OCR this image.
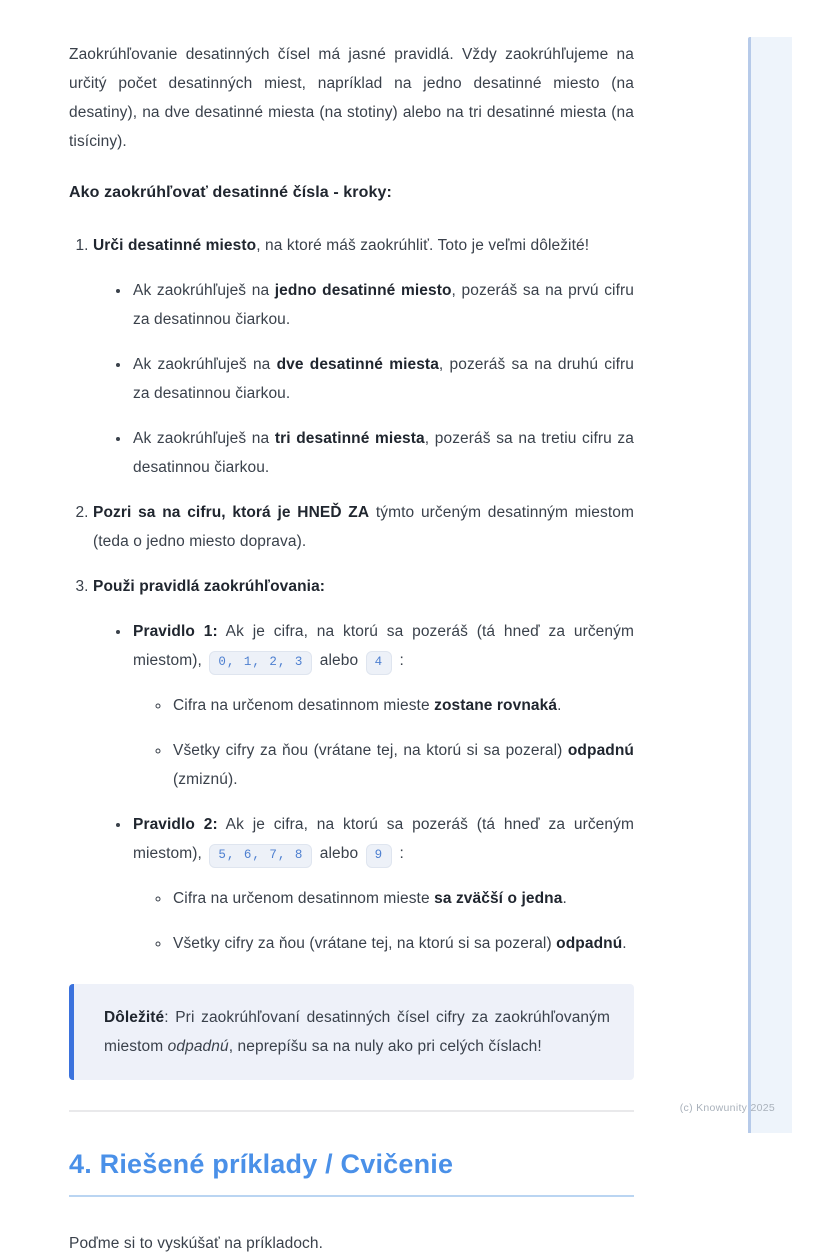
Zaokrúhľovanie desatinných čísel má jasné pravidlá. Vždy zaokrúhľujeme na určitý počet desatinných miest, napríklad na jedno desatinné miesto (na desatiny), na dve desatinné miesta (na stotiny) alebo na tri desatinné miesta (na tisíciny).

Ako zaokrúhľovať desatinné čísla - kroky:

1. Urči desatinné miesto, na ktoré máš zaokrúhliť. Toto je veľmi dôležité!

• Ak zaokrúhľuješ na jedno desatinné miesto, pozeráš sa na prvú cifru za desatinnou čiarkou.

• Ak zaokrúhľuješ na dve desatinné miesta, pozeráš sa na druhú cifru za desatinnou čiarkou.

• Ak zaokrúhľuješ na tri desatinné miesta, pozeráš sa na tretiu cifru za desatinnou čiarkou.

2. Pozri sa na cifru, ktorá je HNEĎ ZA týmto určeným desatinným miestom (teda o jedno miesto doprava).

3. Použi pravidlá zaokrúhľovania:

• Pravidlo 1: Ak je cifra, na ktorú sa pozeráš (tá hneď za určeným miestom), 0, 1, 2, 3 alebo 4 :

◦ Cifra na určenom desatinnom mieste zostane rovnaká.

◦ Všetky cifry za ňou (vrátane tej, na ktorú si sa pozeral) odpadnú (zmiznú).

• Pravidlo 2: Ak je cifra, na ktorú sa pozeráš (tá hneď za určeným miestom), 5, 6, 7, 8 alebo 9 :

◦ Cifra na určenom desatinnom mieste sa zväčší o jedna.

◦ Všetky cifry za ňou (vrátane tej, na ktorú si sa pozeral) odpadnú.

Dôležité: Pri zaokrúhľovaní desatinných čísel cifry za zaokrúhľovaným miestom odpadnú, neprepíšu sa na nuly ako pri celých číslach!
4. Riešené príklady / Cvičenie

Poďme si to vyskúšať na príkladoch.

(c) Knowunity 2025
